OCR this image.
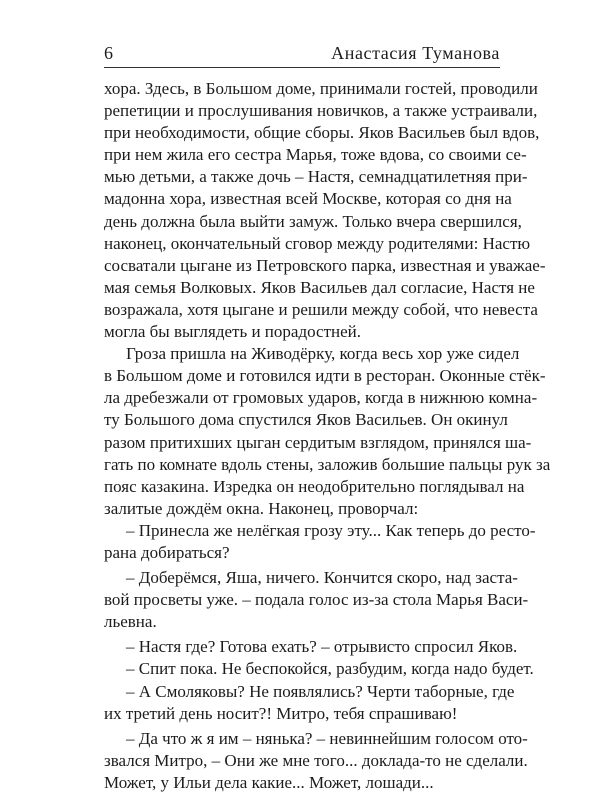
6	Анастасия Туманова
хора. Здесь, в Большом доме, принимали гостей, проводили
репетиции и прослушивания новичков, а также устраивали,
при необходимости, общие сборы. Яков Васильев был вдов,
при нем жила его сестра Марья, тоже вдова, со своими се-
мью детьми, а также дочь – Настя, семнадцатилетняя при-
мадонна хора, известная всей Москве, которая со дня на
день должна была выйти замуж. Только вчера свершился,
наконец, окончательный сговор между родителями: Настю
сосватали цыгане из Петровского парка, известная и уважае-
мая семья Волковых. Яков Васильев дал согласие, Настя не
возражала, хотя цыгане и решили между собой, что невеста
могла бы выглядеть и порадостней.
Гроза пришла на Живодёрку, когда весь хор уже сидел
в Большом доме и готовился идти в ресторан. Оконные стёк-
ла дребезжали от громовых ударов, когда в нижнюю комна-
ту Большого дома спустился Яков Васильев. Он окинул
разом притихших цыган сердитым взглядом, принялся ша-
гать по комнате вдоль стены, заложив большие пальцы рук за
пояс казакина. Изредка он неодобрительно поглядывал на
залитые дождём окна. Наконец, проворчал:
– Принесла же нелёгкая грозу эту... Как теперь до ресто-
рана добираться?
– Доберёмся, Яша, ничего. Кончится скоро, над заста-
вой просветы уже. – подала голос из-за стола Марья Васи-
льевна.
– Настя где? Готова ехать? – отрывисто спросил Яков.
– Спит пока. Не беспокойся, разбудим, когда надо будет.
– А Смоляковы? Не появлялись? Черти таборные, где
их третий день носит?! Митро, тебя спрашиваю!
– Да что ж я им – нянька? – невиннейшим голосом ото-
звался Митро, – Они же мне того... доклада-то не сделали.
Может, у Ильи дела какие... Может, лошади...
